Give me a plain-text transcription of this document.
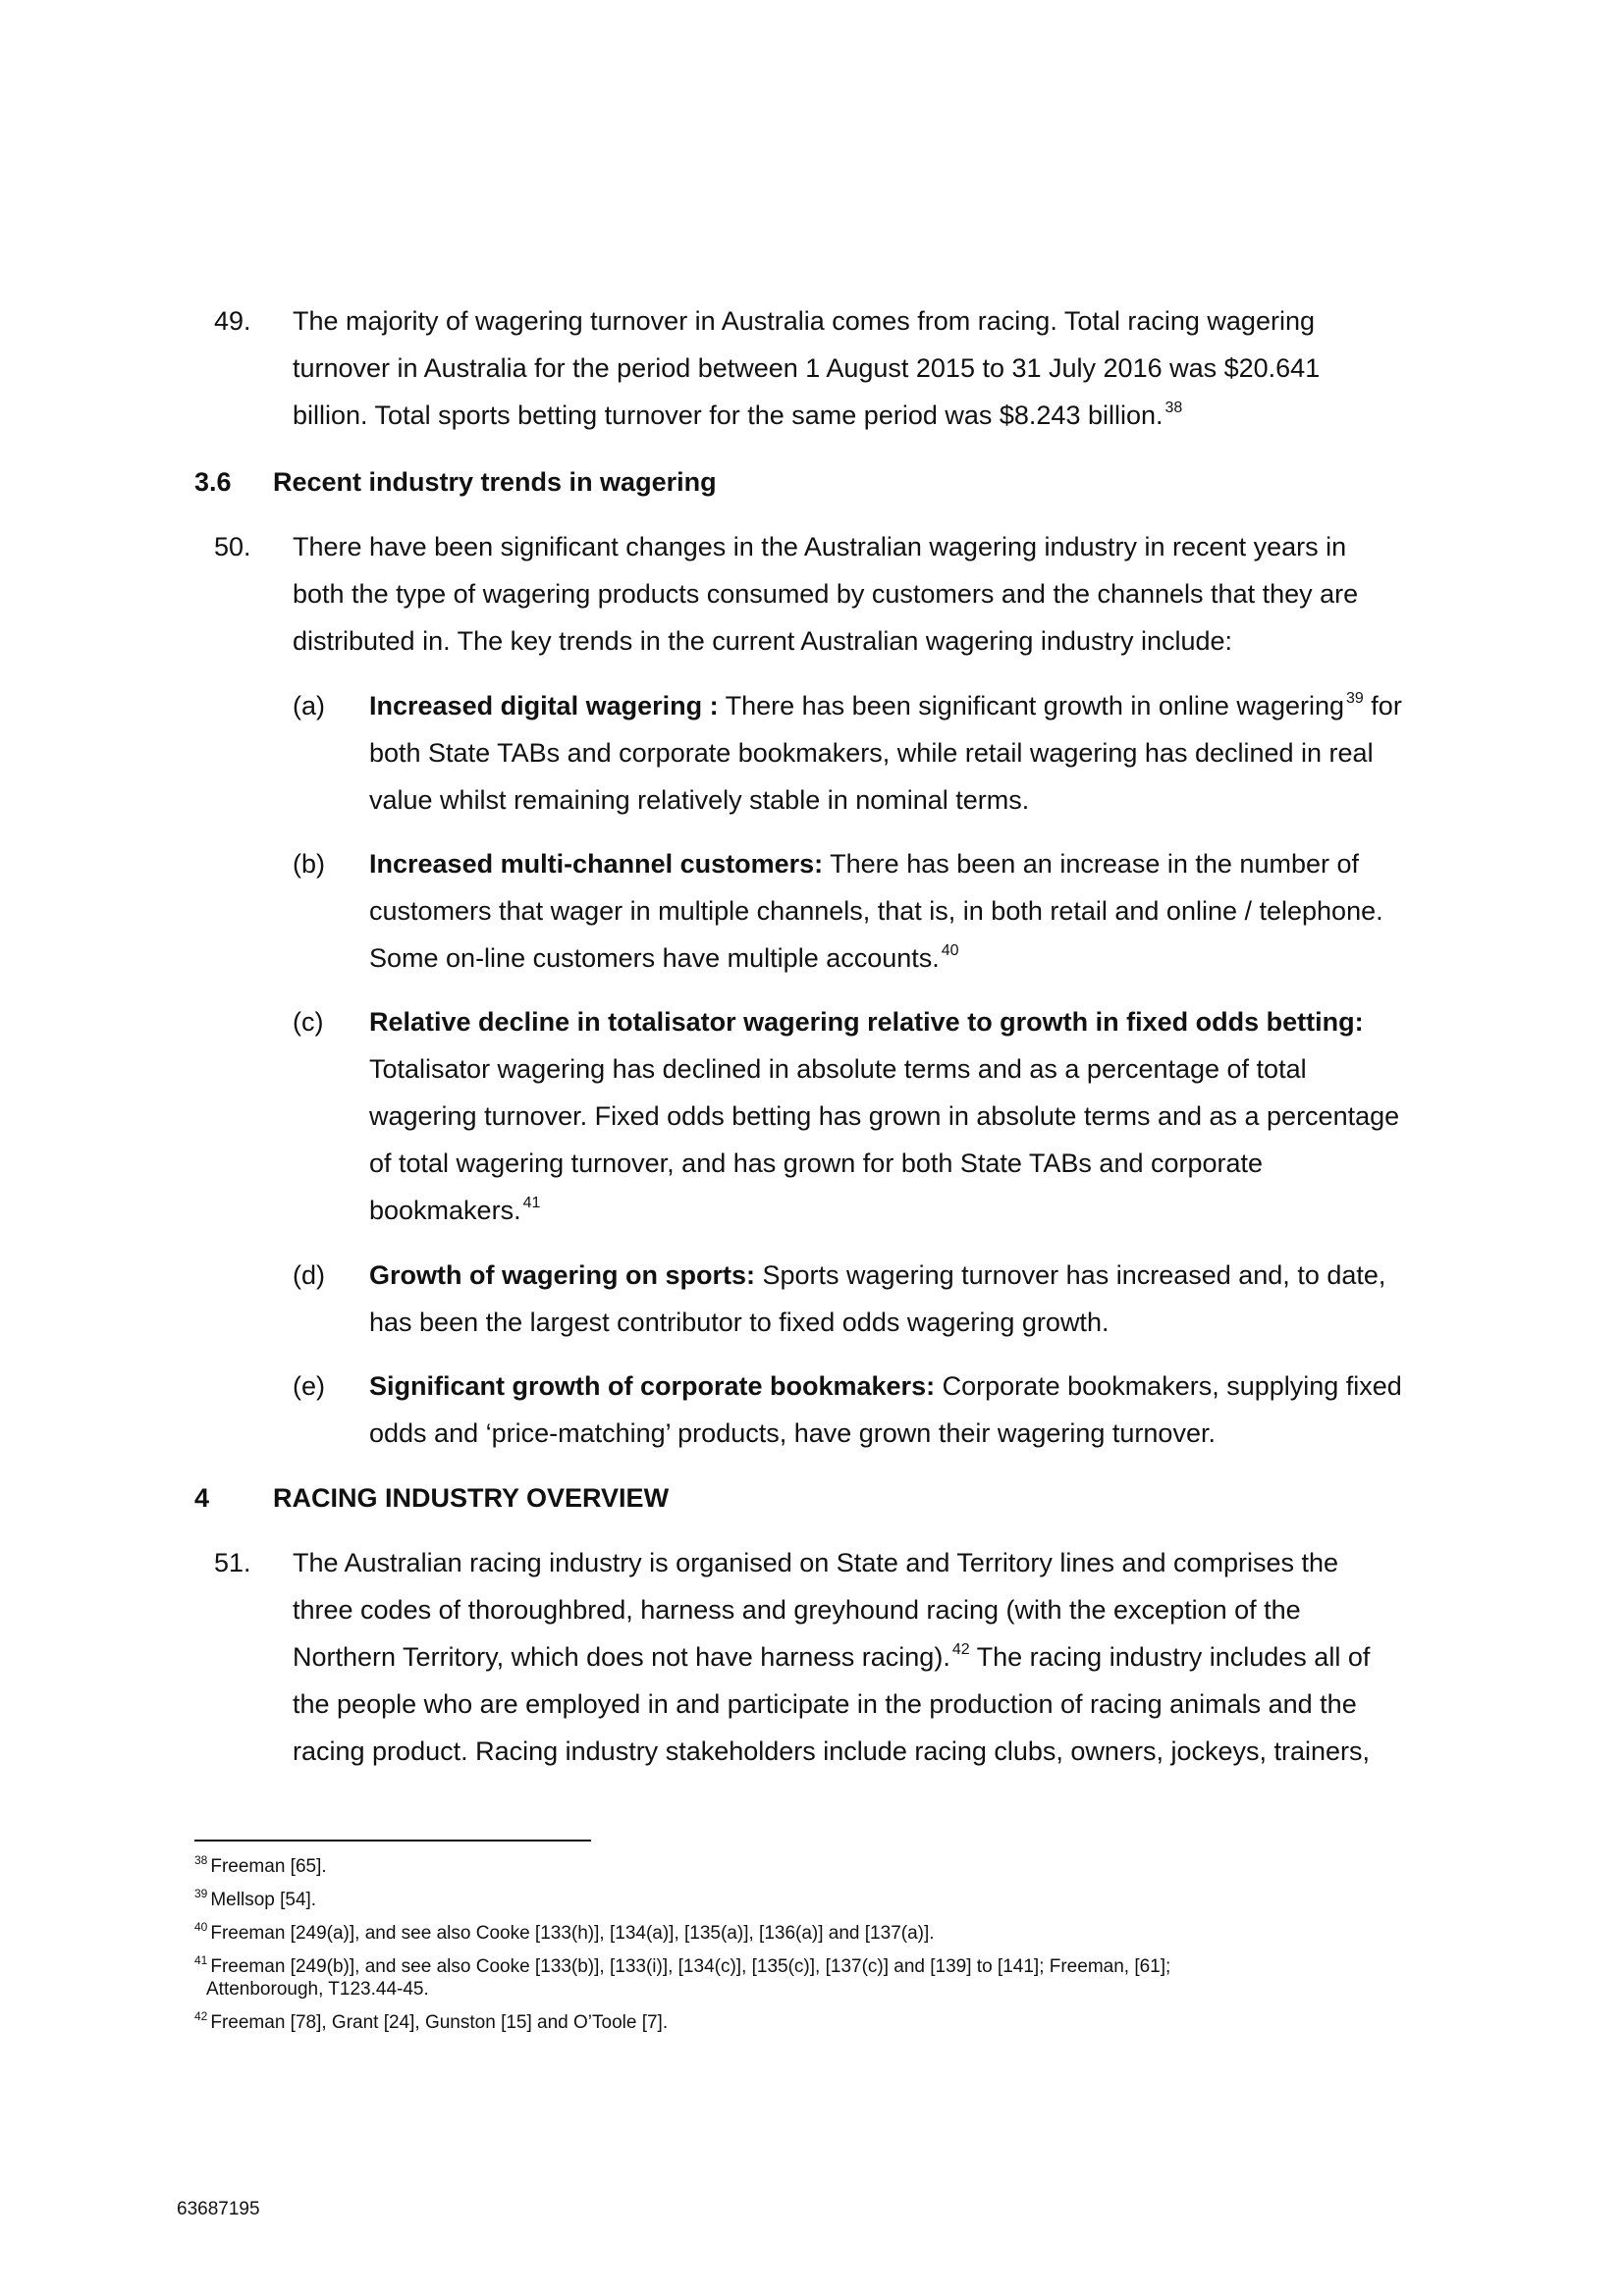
49. The majority of wagering turnover in Australia comes from racing. Total racing wagering
turnover in Australia for the period between 1 August 2015 to 31 July 2016 was $20.641
billion. Total sports betting turnover for the same period was $8.243 billion. $^{38}$
3.6 Recent industry trends in wagering
50. There have been significant changes in the Australian wagering industry in recent years in
both the type of wagering products consumed by customers and the channels that they are
distributed in. The key trends in the current Australian wagering industry include:
(a) Increased digital wagering : There has been significant growth in online wagering $^{39}$ for
both State TABs and corporate bookmakers, while retail wagering has declined in real
value whilst remaining relatively stable in nominal terms.
(b) Increased multi-channel customers: There has been an increase in the number of
customers that wager in multiple channels, that is, in both retail and online / telephone.
Some on-line customers have multiple accounts. $^{40}$
(c) Relative decline in totalisator wagering relative to growth in fixed odds betting:
Totalisator wagering has declined in absolute terms and as a percentage of total
wagering turnover. Fixed odds betting has grown in absolute terms and as a percentage
of total wagering turnover, and has grown for both State TABs and corporate
bookmakers. $^{41}$
(d) Growth of wagering on sports: Sports wagering turnover has increased and, to date,
has been the largest contributor to fixed odds wagering growth.
(e) Significant growth of corporate bookmakers: Corporate bookmakers, supplying fixed
odds and ‘price-matching’ products, have grown their wagering turnover.
4 RACING INDUSTRY OVERVIEW
51. The Australian racing industry is organised on State and Territory lines and comprises the
three codes of thoroughbred, harness and greyhound racing (with the exception of the
Northern Territory, which does not have harness racing). $^{42}$ The racing industry includes all of
the people who are employed in and participate in the production of racing animals and the
racing product. Racing industry stakeholders include racing clubs, owners, jockeys, trainers,
$^{38}$ Freeman [65].
$^{39}$ Mellsop [54].
$^{40}$ Freeman [249(a)], and see also Cooke [133(h)], [134(a)], [135(a)], [136(a)] and [137(a)].
$^{41}$ Freeman [249(b)], and see also Cooke [133(b)], [133(i)], [134(c)], [135(c)], [137(c)] and [139] to [141]; Freeman, [61];
Attenborough, T123.44-45.
$^{42}$ Freeman [78], Grant [24], Gunston [15] and O’Toole [7].
63687195
